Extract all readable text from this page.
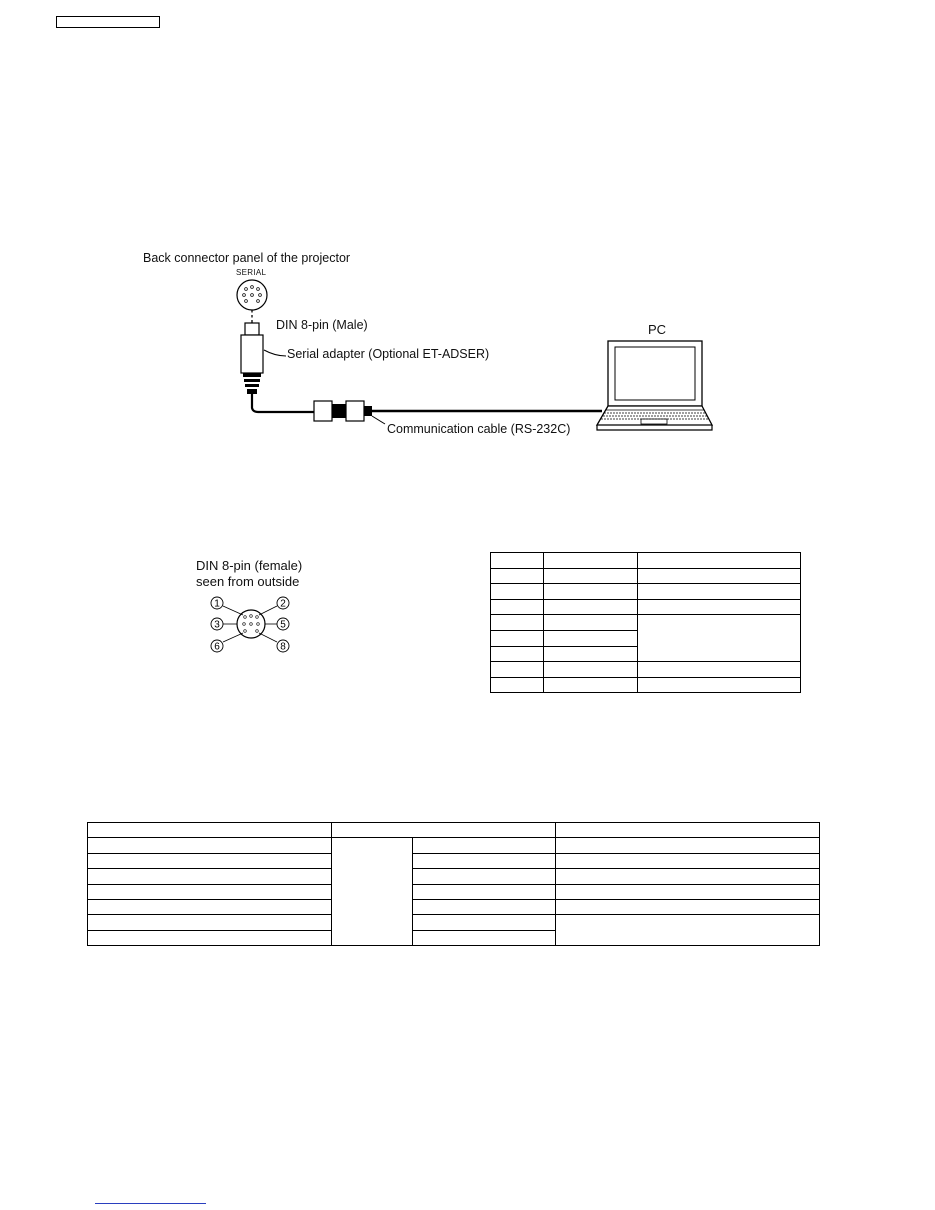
Back connector panel of the projector
SERIAL
DIN 8-pin (Male)
Serial adapter (Optional ET-ADSER)
PC
Communication cable (RS-232C)
DIN 8-pin (female)
seen from outside
1	2
3	5
6	8
